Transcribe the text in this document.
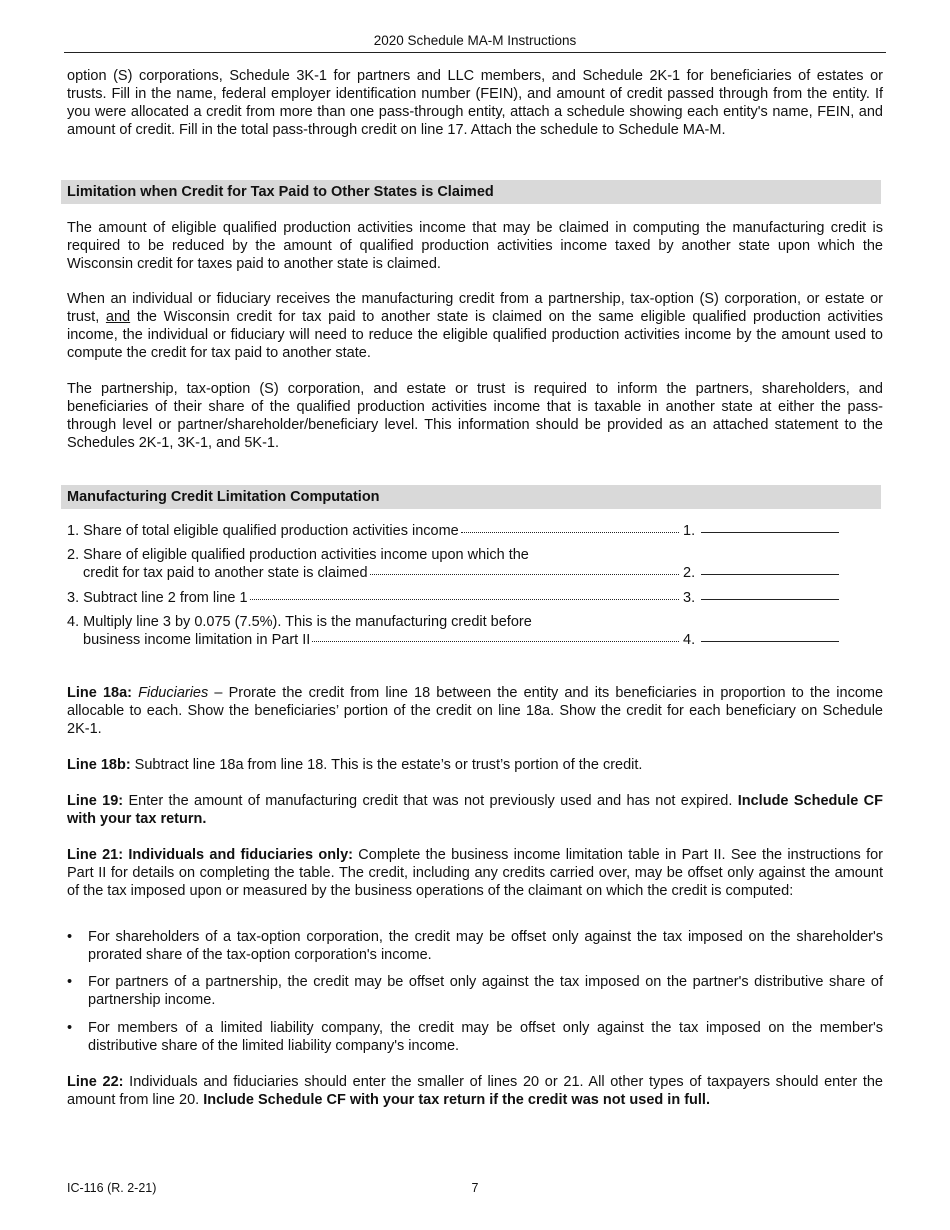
2020 Schedule MA-M Instructions

option (S) corporations, Schedule 3K-1 for partners and LLC members, and Schedule 2K-1 for beneficiaries of estates or trusts. Fill in the name, federal employer identification number (FEIN), and amount of credit passed through from the entity. If you were allocated a credit from more than one pass-through entity, attach a schedule showing each entity's name, FEIN, and amount of credit. Fill in the total pass-through credit on line 17. Attach the schedule to Schedule MA-M.

Limitation when Credit for Tax Paid to Other States is Claimed

The amount of eligible qualified production activities income that may be claimed in computing the manufacturing credit is required to be reduced by the amount of qualified production activities income taxed by another state upon which the Wisconsin credit for taxes paid to another state is claimed.

When an individual or fiduciary receives the manufacturing credit from a partnership, tax-option (S) corporation, or estate or trust, and the Wisconsin credit for tax paid to another state is claimed on the same eligible qualified production activities income, the individual or fiduciary will need to reduce the eligible qualified production activities income by the amount used to compute the credit for tax paid to another state.

The partnership, tax-option (S) corporation, and estate or trust is required to inform the partners, shareholders, and beneficiaries of their share of the qualified production activities income that is taxable in another state at either the pass-through level or partner/shareholder/beneficiary level. This information should be provided as an attached statement to the Schedules 2K-1, 3K-1, and 5K-1.

Manufacturing Credit Limitation Computation
1. Share of total eligible qualified production activities income	1.
2. Share of eligible qualified production activities income upon which the
credit for tax paid to another state is claimed	2.
3. Subtract line 2 from line 1	3.
4. Multiply line 3 by 0.075 (7.5%). This is the manufacturing credit before
business income limitation in Part II	4.

Line 18a: Fiduciaries – Prorate the credit from line 18 between the entity and its beneficiaries in proportion to the income allocable to each. Show the beneficiaries’ portion of the credit on line 18a. Show the credit for each beneficiary on Schedule 2K-1.

Line 18b: Subtract line 18a from line 18. This is the estate’s or trust’s portion of the credit.

Line 19: Enter the amount of manufacturing credit that was not previously used and has not expired. Include Schedule CF with your tax return.

Line 21: Individuals and fiduciaries only: Complete the business income limitation table in Part II. See the instructions for Part II for details on completing the table. The credit, including any credits carried over, may be offset only against the amount of the tax imposed upon or measured by the business operations of the claimant on which the credit is computed:

•	For shareholders of a tax-option corporation, the credit may be offset only against the tax imposed on the shareholder's prorated share of the tax-option corporation's income.
•	For partners of a partnership, the credit may be offset only against the tax imposed on the partner's distributive share of partnership income.
•	For members of a limited liability company, the credit may be offset only against the tax imposed on the member's distributive share of the limited liability company's income.

Line 22: Individuals and fiduciaries should enter the smaller of lines 20 or 21. All other types of taxpayers should enter the amount from line 20. Include Schedule CF with your tax return if the credit was not used in full.

IC-116 (R. 2-21)	7
